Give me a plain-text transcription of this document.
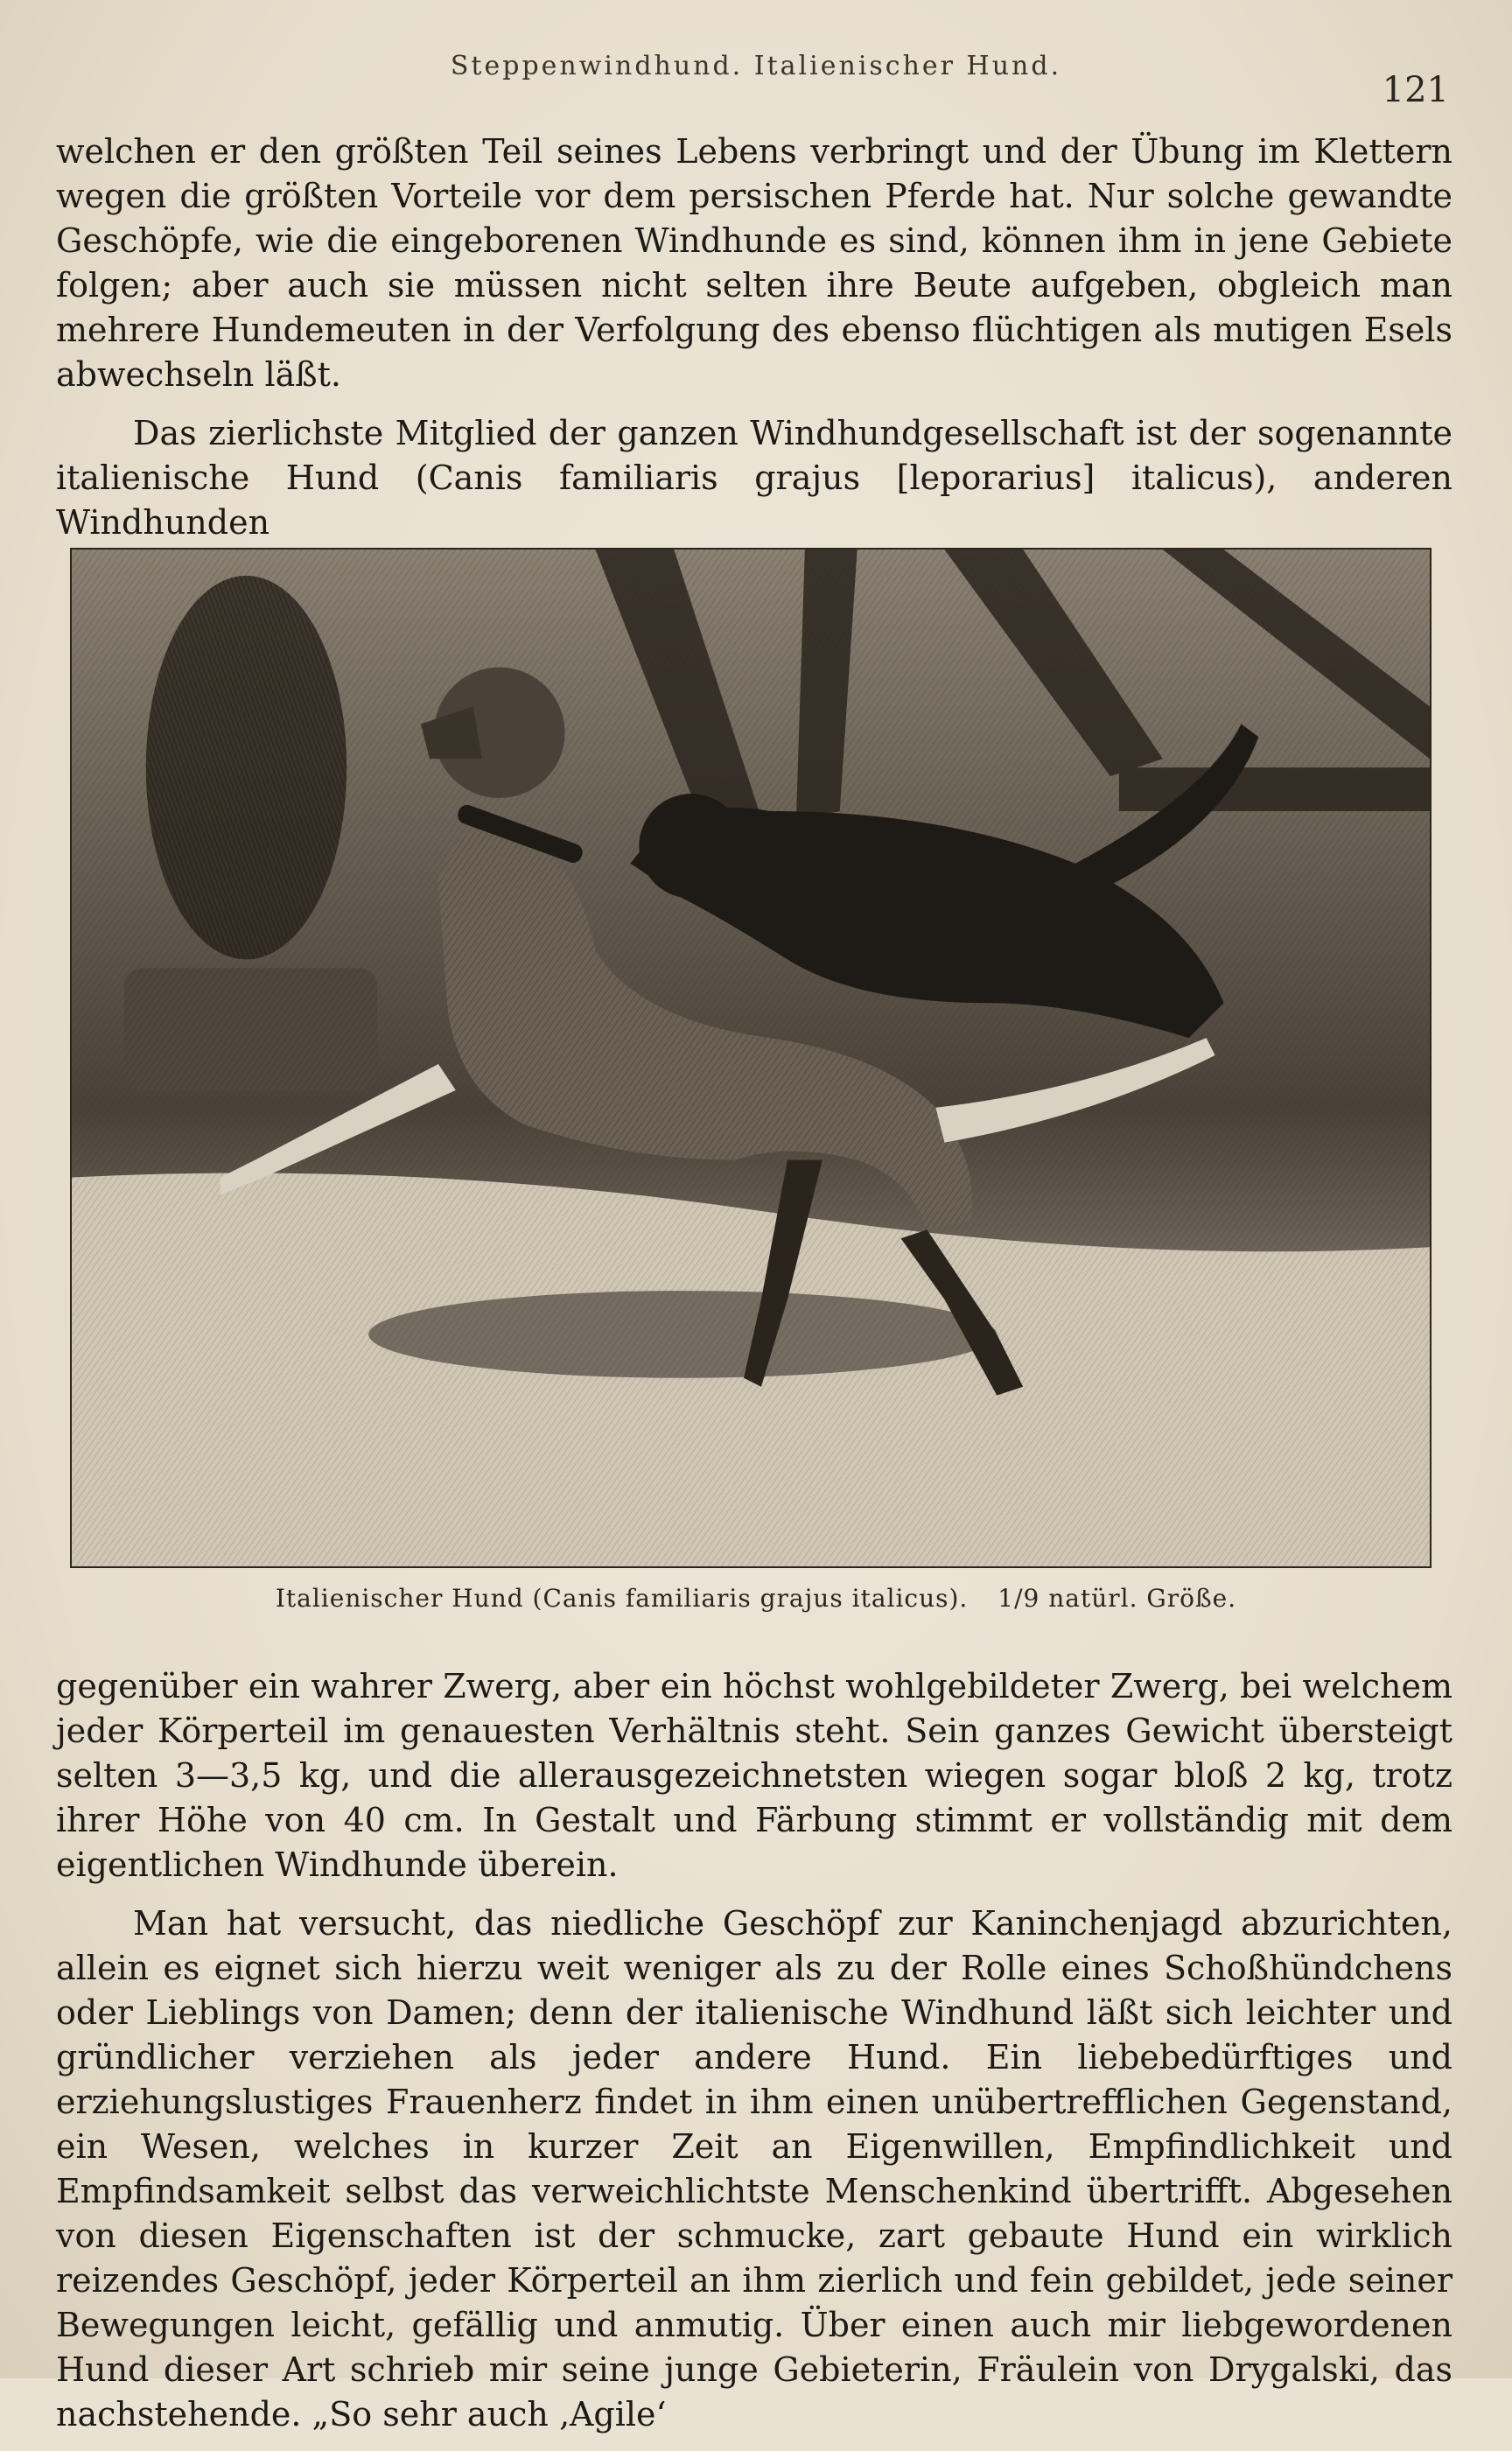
Steppenwindhund. Italienischer Hund.
121

welchen er den größten Teil seines Lebens verbringt und der Übung im Klettern wegen die größten Vorteile vor dem persischen Pferde hat. Nur solche gewandte Geschöpfe, wie die eingeborenen Windhunde es sind, können ihm in jene Gebiete folgen; aber auch sie müssen nicht selten ihre Beute aufgeben, obgleich man mehrere Hundemeuten in der Verfolgung des ebenso flüchtigen als mutigen Esels abwechseln läßt.

Das zierlichste Mitglied der ganzen Windhundgesellschaft ist der sogenannte italienische Hund (Canis familiaris grajus [leporarius] italicus), anderen Windhunden

Italienischer Hund (Canis familiaris grajus italicus). 1/9 natürl. Größe.

gegenüber ein wahrer Zwerg, aber ein höchst wohlgebildeter Zwerg, bei welchem jeder Körperteil im genauesten Verhältnis steht. Sein ganzes Gewicht übersteigt selten 3—3,5 kg, und die allerausgezeichnetsten wiegen sogar bloß 2 kg, trotz ihrer Höhe von 40 cm. In Gestalt und Färbung stimmt er vollständig mit dem eigentlichen Windhunde überein.

Man hat versucht, das niedliche Geschöpf zur Kaninchenjagd abzurichten, allein es eignet sich hierzu weit weniger als zu der Rolle eines Schoßhündchens oder Lieblings von Damen; denn der italienische Windhund läßt sich leichter und gründlicher verziehen als jeder andere Hund. Ein liebebedürftiges und erziehungslustiges Frauenherz findet in ihm einen unübertrefflichen Gegenstand, ein Wesen, welches in kurzer Zeit an Eigenwillen, Empfindlichkeit und Empfindsamkeit selbst das verweichlichtste Menschenkind übertrifft. Abgesehen von diesen Eigenschaften ist der schmucke, zart gebaute Hund ein wirklich reizendes Geschöpf, jeder Körperteil an ihm zierlich und fein gebildet, jede seiner Bewegungen leicht, gefällig und anmutig. Über einen auch mir liebgewordenen Hund dieser Art schrieb mir seine junge Gebieterin, Fräulein von Drygalski, das nachstehende. „So sehr auch ‚Agile‘
